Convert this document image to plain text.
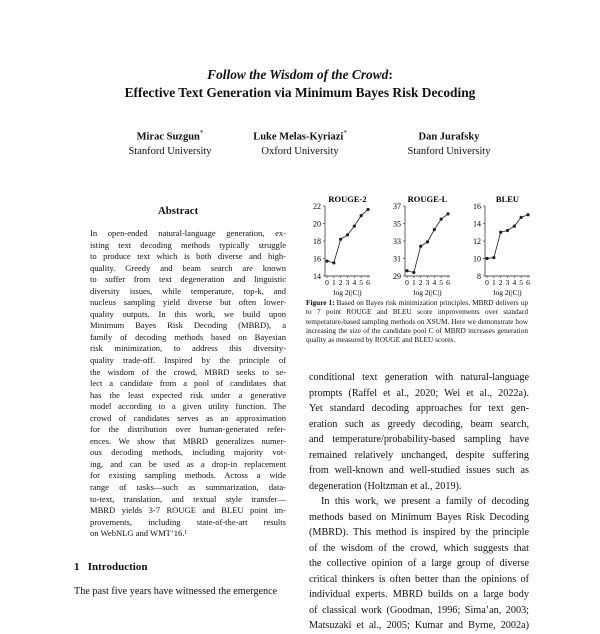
Follow the Wisdom of the Crowd:
Effective Text Generation via Minimum Bayes Risk Decoding
Mirac Suzgun*
Stanford University
Luke Melas-Kyriazi*
Oxford University
Dan Jurafsky
Stanford University
Abstract

In open-ended natural-language generation, ex-
isting text decoding methods typically struggle
to produce text which is both diverse and high-
quality. Greedy and beam search are known
to suffer from text degeneration and linguistic
diversity issues, while temperature, top-k, and
nucleus sampling yield diverse but often lower-
quality outputs. In this work, we build upon
Minimum Bayes Risk Decoding (MBRD), a
family of decoding methods based on Bayesian
risk minimization, to address this diversity-
quality trade-off. Inspired by the principle of
the wisdom of the crowd, MBRD seeks to se-
lect a candidate from a pool of candidates that
has the least expected risk under a generative
model according to a given utility function. The
crowd of candidates serves as an approximation
for the distribution over human-generated refer-
ences. We show that MBRD generalizes numer-
ous decoding methods, including majority vot-
ing, and can be used as a drop-in replacement
for existing sampling methods. Across a wide
range of tasks—such as summarization, data-
to-text, translation, and textual style transfer—
MBRD yields 3-7 ROUGE and BLEU point im-
provements, including state-of-the-art results
on WebNLG and WMT’16.¹

1 Introduction
The past five years have witnessed the emergence
ROUGE-2
14
16
18
20
22
0 1 2 3 4 5 6
log 2(|C|)
ROUGE-L
29
31
33
35
37
0 1 2 3 4 5 6
log 2(|C|)
BLEU
8
10
12
14
16
0 1 2 3 4 5 6
log 2(|C|)
Figure 1: Based on Bayes risk minimization principles, MBRD delivers up to 7 point ROUGE and BLEU score improvements over standard temperature-based sampling methods on XSUM. Here we demonstrate how increasing the size of the candidate pool C of MBRD increases generation quality as measured by ROUGE and BLEU scores.

conditional text generation with natural-language
prompts (Raffel et al., 2020; Wei et al., 2022a).
Yet standard decoding approaches for text gen-
eration such as greedy decoding, beam search,
and temperature/probability-based sampling have
remained relatively unchanged, despite suffering
from well-known and well-studied issues such as
degeneration (Holtzman et al., 2019).
In this work, we present a family of decoding
methods based on Minimum Bayes Risk Decoding
(MBRD). This method is inspired by the principle
of the wisdom of the crowd, which suggests that
the collective opinion of a large group of diverse
critical thinkers is often better than the opinions of
individual experts. MBRD builds on a large body
of classical work (Goodman, 1996; Sima’an, 2003;
Matsuzaki et al., 2005; Kumar and Byrne, 2002a)
